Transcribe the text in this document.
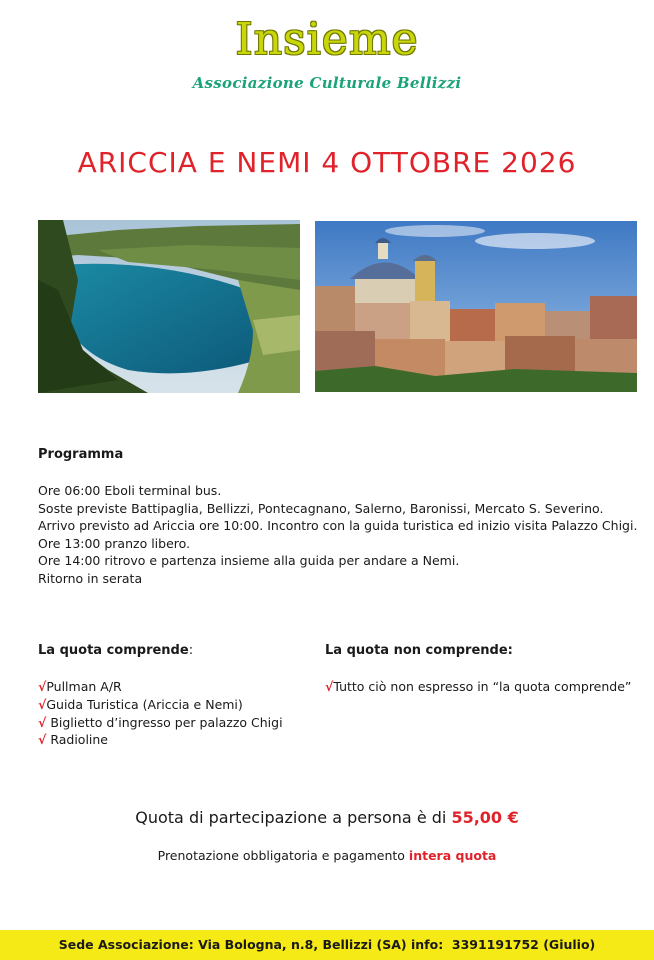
Insieme
Associazione Culturale Bellizzi
ARICCIA E NEMI 4 OTTOBRE 2026
Programma
Ore 06:00 Eboli terminal bus.
Soste previste Battipaglia, Bellizzi, Pontecagnano, Salerno, Baronissi, Mercato S. Severino.
Arrivo previsto ad Ariccia ore 10:00. Incontro con la guida turistica ed inizio visita Palazzo Chigi.
Ore 13:00 pranzo libero.
Ore 14:00 ritrovo e partenza insieme alla guida per andare a Nemi.
Ritorno in serata
La quota comprende:	La quota non comprende:
√Pullman A/R
√Guida Turistica (Ariccia e Nemi)
√ Biglietto d’ingresso per palazzo Chigi
√ Radioline
√Tutto ciò non espresso in “la quota comprende”
Quota di partecipazione a persona è di 55,00 €
Prenotazione obbligatoria e pagamento intera quota
Sede Associazione: Via Bologna, n.8, Bellizzi (SA) info:  3391191752 (Giulio)
